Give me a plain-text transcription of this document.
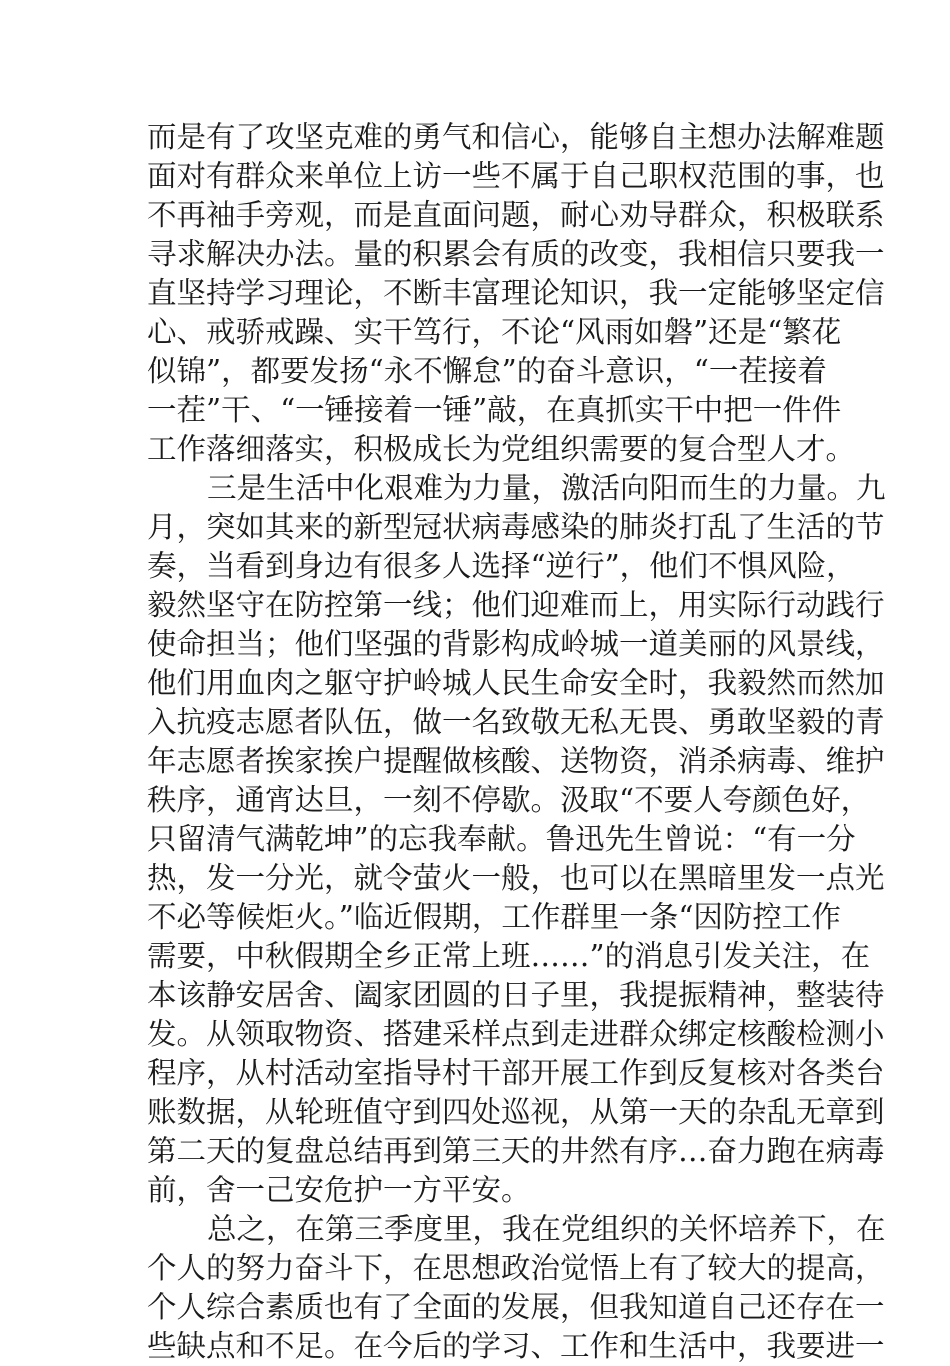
而是有了攻坚克难的勇气和信心，能够自主想办法解难题
面对有群众来单位上访一些不属于自己职权范围的事，也
不再袖手旁观，而是直面问题，耐心劝导群众，积极联系
寻求解决办法。量的积累会有质的改变，我相信只要我一
直坚持学习理论，不断丰富理论知识，我一定能够坚定信
心、戒骄戒躁、实干笃行，不论“风雨如磐”还是“繁花
似锦”，都要发扬“永不懈怠”的奋斗意识，“一茬接着
一茬”干、“一锤接着一锤”敲，在真抓实干中把一件件
工作落细落实，积极成长为党组织需要的复合型人才。
三是生活中化艰难为力量，激活向阳而生的力量。九
月，突如其来的新型冠状病毒感染的肺炎打乱了生活的节
奏，当看到身边有很多人选择“逆行”，他们不惧风险，
毅然坚守在防控第一线；他们迎难而上，用实际行动践行
使命担当；他们坚强的背影构成岭城一道美丽的风景线，
他们用血肉之躯守护岭城人民生命安全时，我毅然而然加
入抗疫志愿者队伍，做一名致敬无私无畏、勇敢坚毅的青
年志愿者挨家挨户提醒做核酸、送物资，消杀病毒、维护
秩序，通宵达旦，一刻不停歇。汲取“不要人夸颜色好，
只留清气满乾坤”的忘我奉献。鲁迅先生曾说：“有一分
热，发一分光，就令萤火一般，也可以在黑暗里发一点光
不必等候炬火。”临近假期，工作群里一条“因防控工作
需要，中秋假期全乡正常上班……”的消息引发关注，在
本该静安居舍、阖家团圆的日子里，我提振精神，整装待
发。从领取物资、搭建采样点到走进群众绑定核酸检测小
程序，从村活动室指导村干部开展工作到反复核对各类台
账数据，从轮班值守到四处巡视，从第一天的杂乱无章到
第二天的复盘总结再到第三天的井然有序…奋力跑在病毒
前，舍一己安危护一方平安。
总之，在第三季度里，我在党组织的关怀培养下，在
个人的努力奋斗下，在思想政治觉悟上有了较大的提高，
个人综合素质也有了全面的发展，但我知道自己还存在一
些缺点和不足。在今后的学习、工作和生活中，我要进一
